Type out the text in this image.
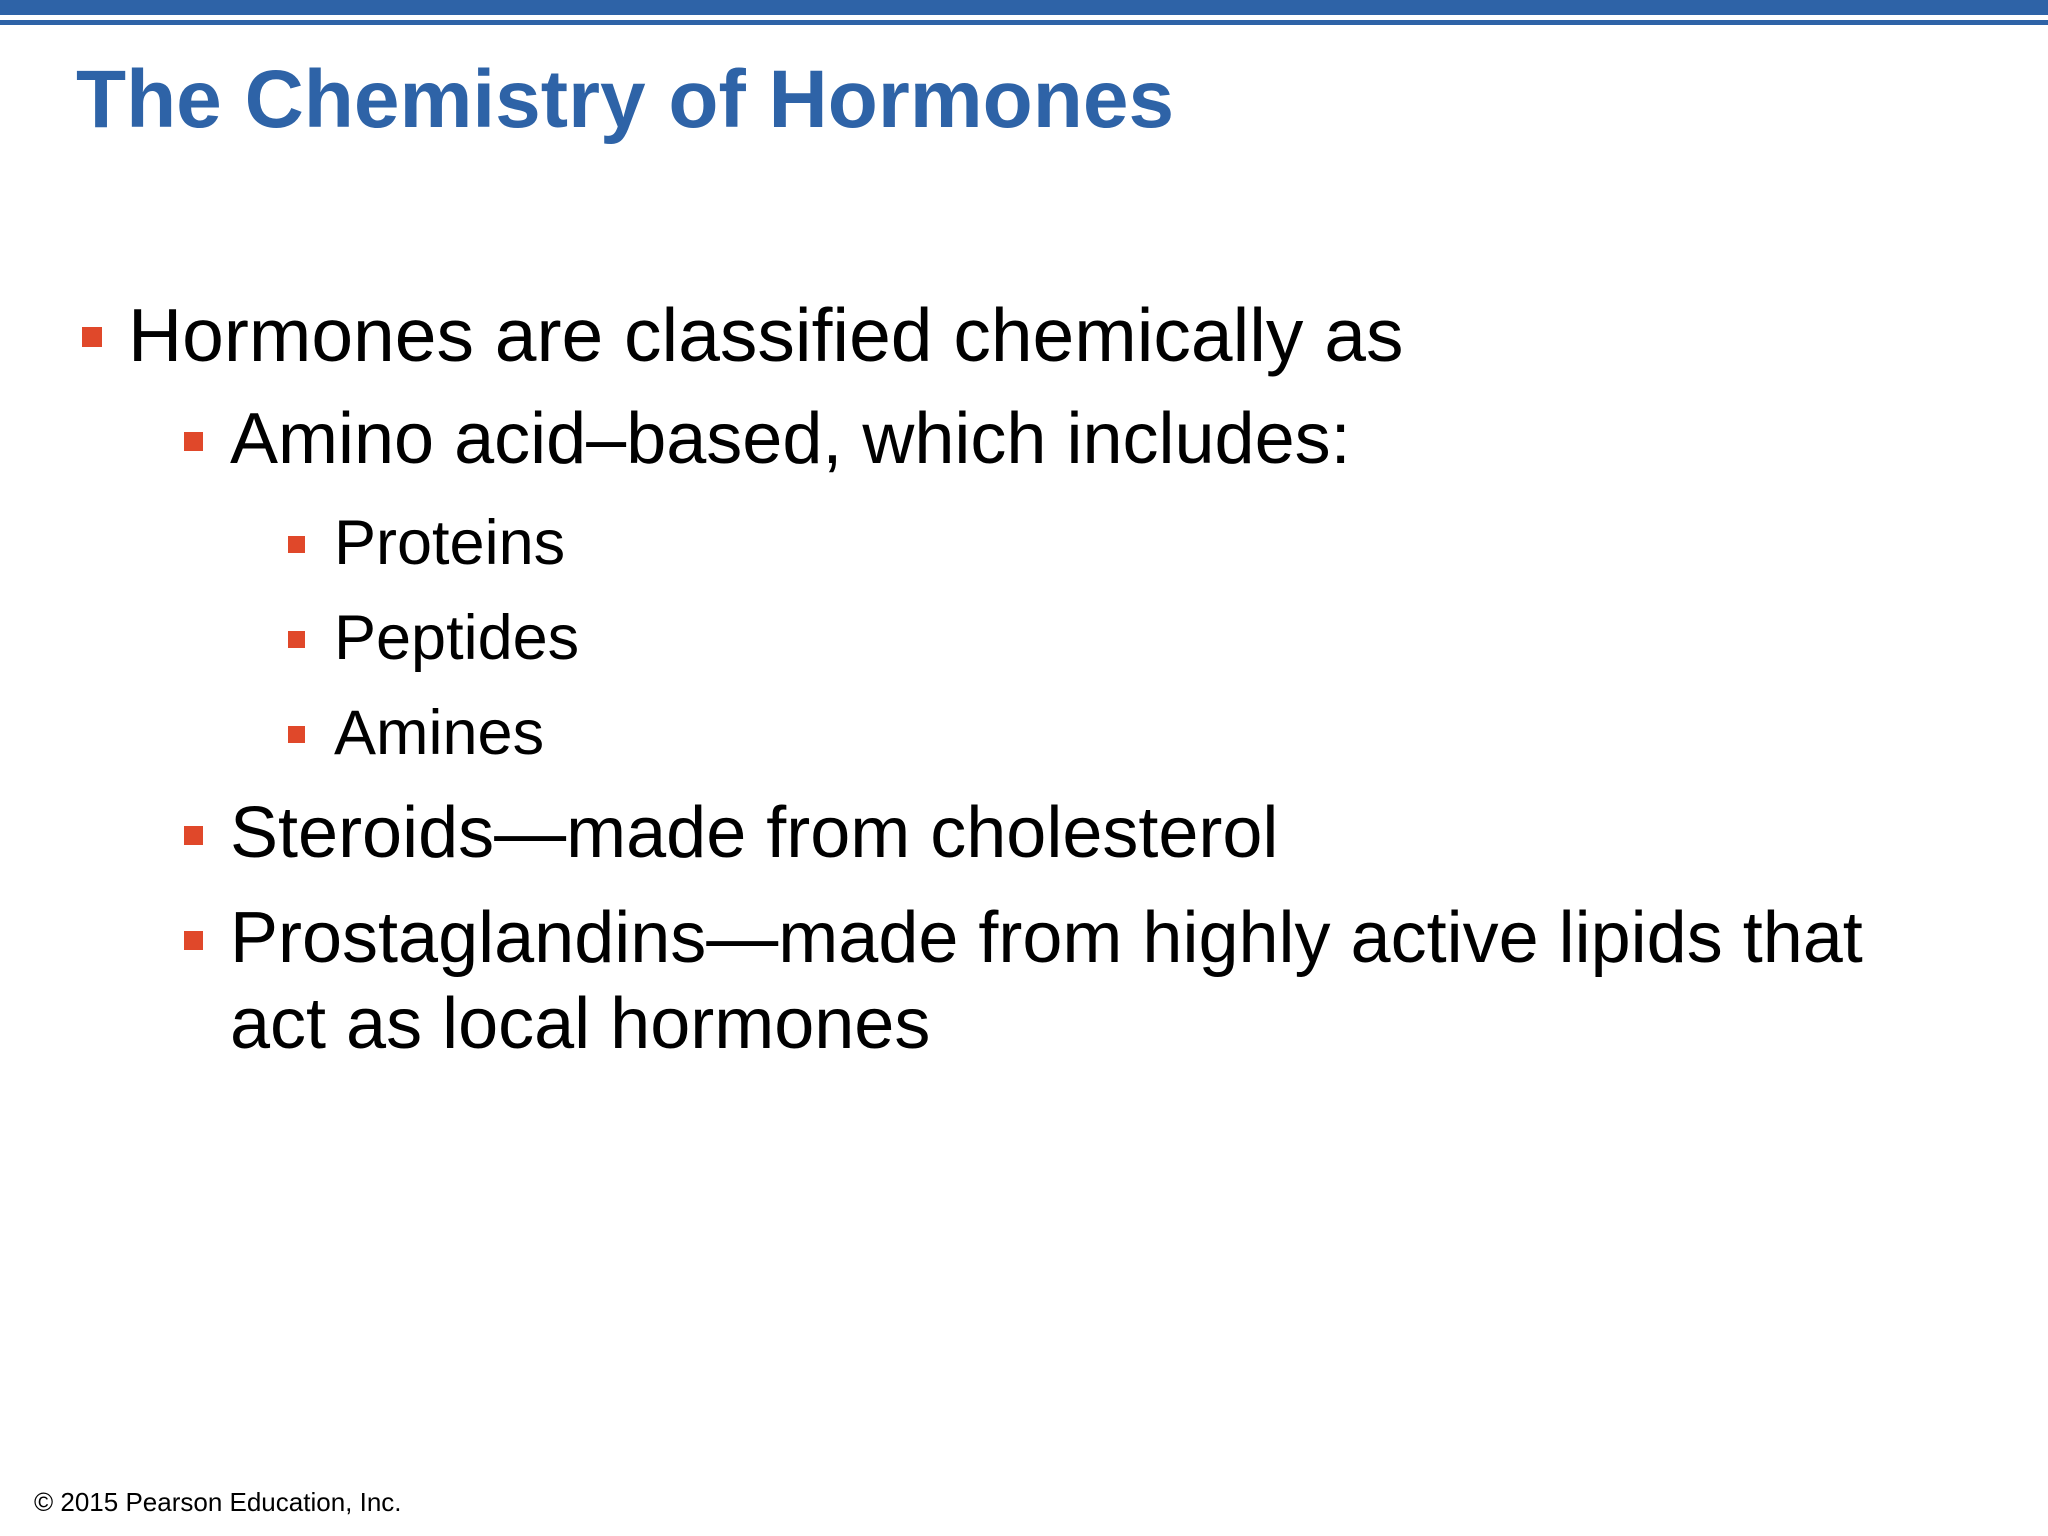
The Chemistry of Hormones
Hormones are classified chemically as
Amino acid–based, which includes:
Proteins
Peptides
Amines
Steroids—made from cholesterol
Prostaglandins—made from highly active lipids that
act as local hormones
© 2015 Pearson Education, Inc.
